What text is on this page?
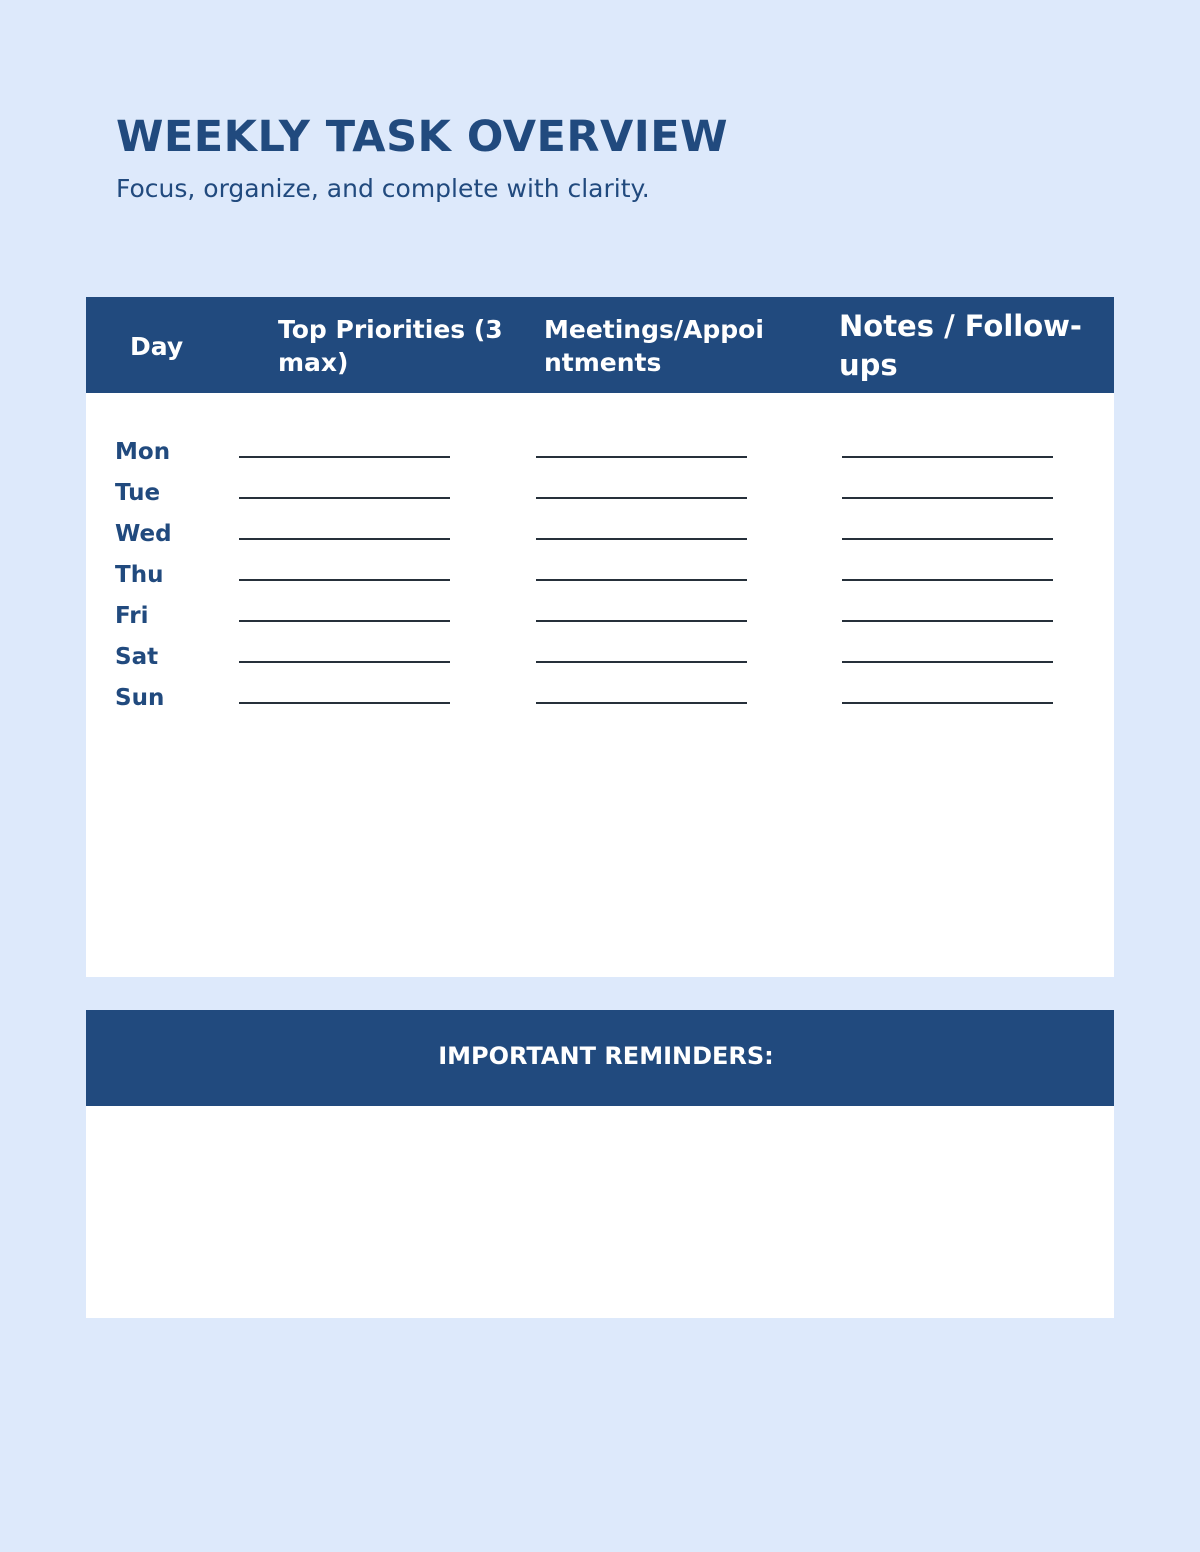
WEEKLY TASK OVERVIEW

Focus, organize, and complete with clarity.

Day
Top Priorities (3 max)
Meetings/Appointments
Notes / Follow-ups
Mon
Tue
Wed
Thu
Fri
Sat
Sun
IMPORTANT REMINDERS:
